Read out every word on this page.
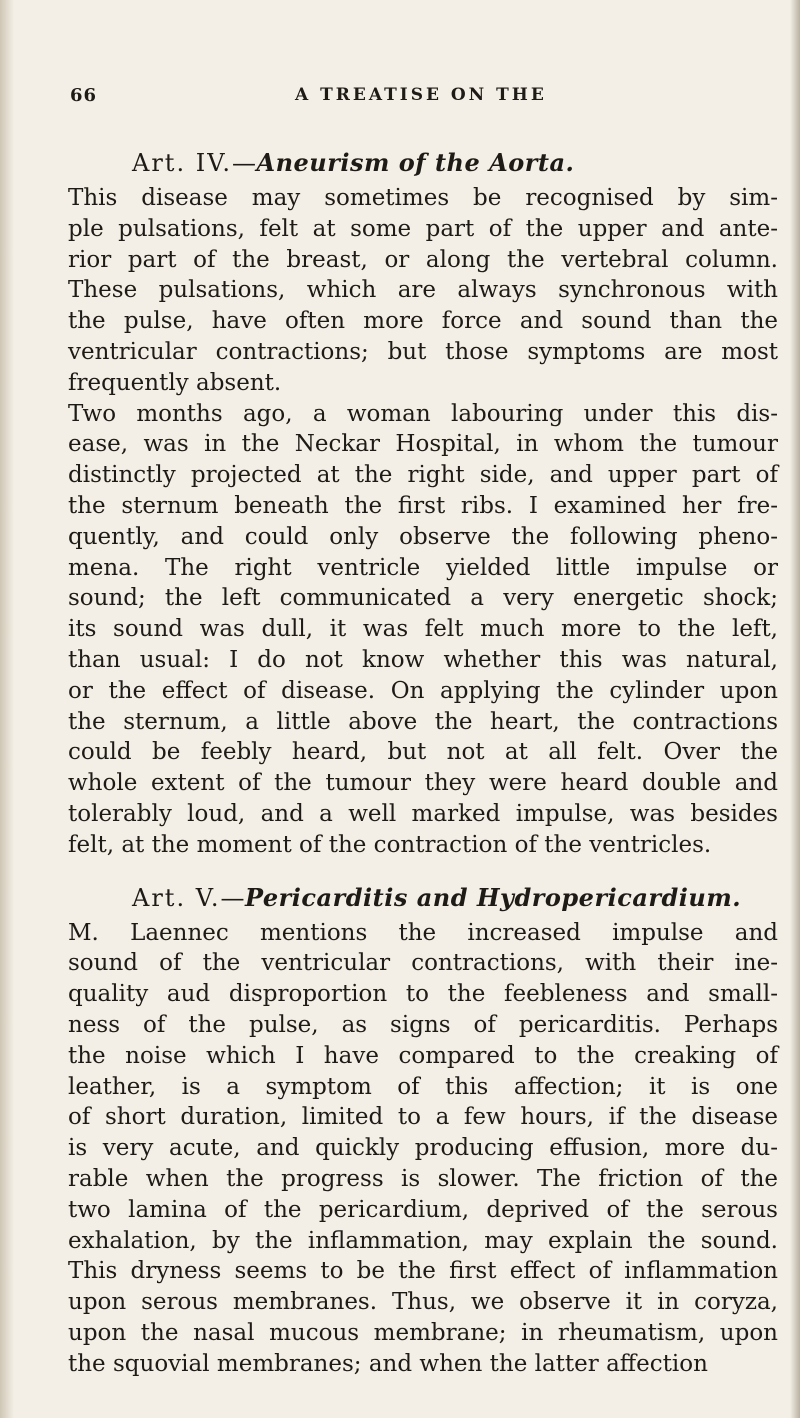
66	A TREATISE ON THE
Art. IV.—Aneurism of the Aorta.
This disease may sometimes be recognised by sim-
ple pulsations, felt at some part of the upper and ante-
rior part of the breast, or along the vertebral column.
These pulsations, which are always synchronous with
the pulse, have often more force and sound than the
ventricular contractions; but those symptoms are most
frequently absent.
Two months ago, a woman labouring under this dis-
ease, was in the Neckar Hospital, in whom the tumour
distinctly projected at the right side, and upper part of
the sternum beneath the first ribs. I examined her fre-
quently, and could only observe the following pheno-
mena. The right ventricle yielded little impulse or
sound; the left communicated a very energetic shock;
its sound was dull, it was felt much more to the left,
than usual: I do not know whether this was natural,
or the effect of disease. On applying the cylinder upon
the sternum, a little above the heart, the contractions
could be feebly heard, but not at all felt. Over the
whole extent of the tumour they were heard double and
tolerably loud, and a well marked impulse, was besides
felt, at the moment of the contraction of the ventricles.
Art. V.—Pericarditis and Hydropericardium.
M. Laennec mentions the increased impulse and
sound of the ventricular contractions, with their ine-
quality aud disproportion to the feebleness and small-
ness of the pulse, as signs of pericarditis. Perhaps
the noise which I have compared to the creaking of
leather, is a symptom of this affection; it is one
of short duration, limited to a few hours, if the disease
is very acute, and quickly producing effusion, more du-
rable when the progress is slower. The friction of the
two lamina of the pericardium, deprived of the serous
exhalation, by the inflammation, may explain the sound.
This dryness seems to be the first effect of inflammation
upon serous membranes. Thus, we observe it in coryza,
upon the nasal mucous membrane; in rheumatism, upon
the squovial membranes; and when the latter affection
